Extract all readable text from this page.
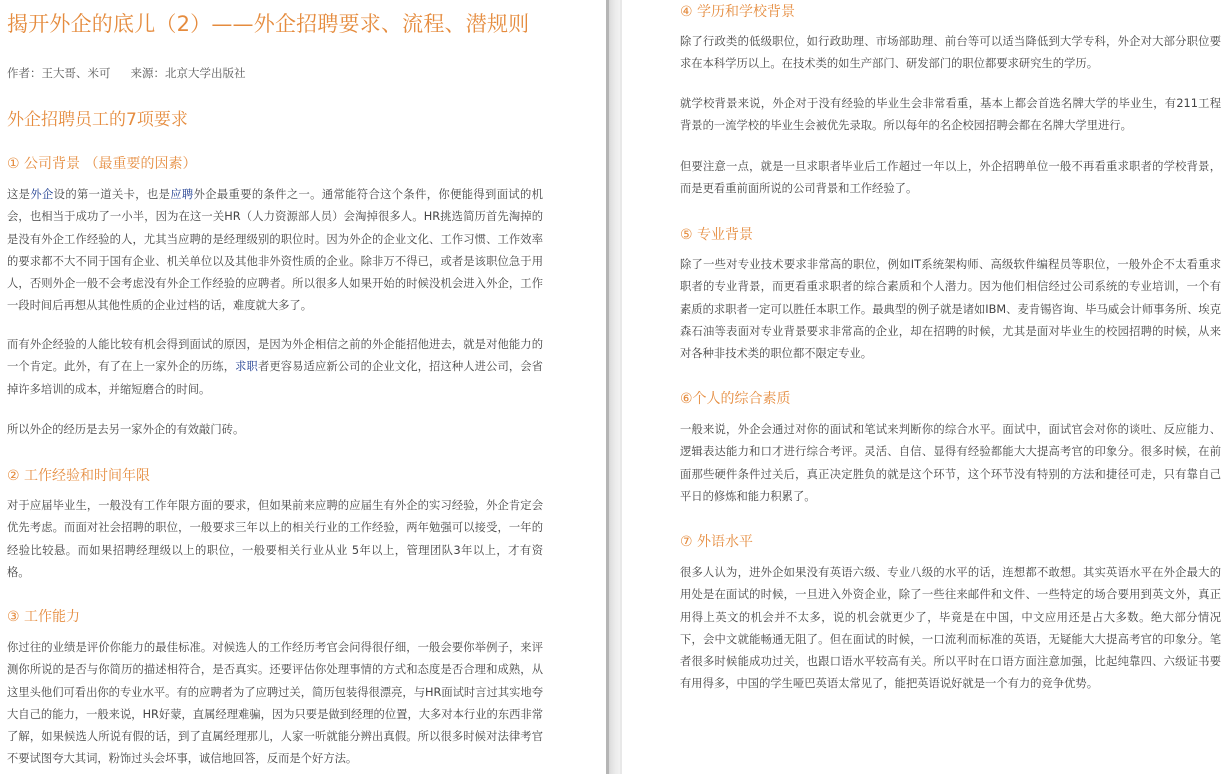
揭开外企的底儿（2）——外企招聘要求、流程、潜规则
作者：王大哥、米可 来源：北京大学出版社
外企招聘员工的7项要求
① 公司背景 （最重要的因素）
这是外企设的第一道关卡，也是应聘外企最重要的条件之一。通常能符合这个条件，你便能得到面试的机会，也相当于成功了一小半，因为在这一关HR（人力资源部人员）会淘掉很多人。HR挑选简历首先淘掉的是没有外企工作经验的人，尤其当应聘的是经理级别的职位时。因为外企的企业文化、工作习惯、工作效率的要求都不大不同于国有企业、机关单位以及其他非外资性质的企业。除非万不得已，或者是该职位急于用人，否则外企一般不会考虑没有外企工作经验的应聘者。所以很多人如果开始的时候没机会进入外企，工作一段时间后再想从其他性质的企业过档的话，难度就大多了。
而有外企经验的人能比较有机会得到面试的原因，是因为外企相信之前的外企能招他进去，就是对他能力的一个肯定。此外，有了在上一家外企的历练，求职者更容易适应新公司的企业文化，招这种人进公司，会省掉许多培训的成本，并缩短磨合的时间。
所以外企的经历是去另一家外企的有效敲门砖。
② 工作经验和时间年限
对于应届毕业生，一般没有工作年限方面的要求，但如果前来应聘的应届生有外企的实习经验，外企肯定会优先考虑。而面对社会招聘的职位，一般要求三年以上的相关行业的工作经验，两年勉强可以接受，一年的经验比较悬。而如果招聘经理级以上的职位，一般要相关行业从业 5年以上，管理团队3年以上，才有资格。
③ 工作能力
你过往的业绩是评价你能力的最佳标准。对候选人的工作经历考官会问得很仔细，一般会要你举例子，来评测你所说的是否与你简历的描述相符合，是否真实。还要评估你处理事情的方式和态度是否合理和成熟，从这里头他们可看出你的专业水平。有的应聘者为了应聘过关，简历包装得很漂亮，与HR面试时言过其实地夸大自己的能力，一般来说，HR好蒙，直属经理难骗，因为只要是做到经理的位置，大多对本行业的东西非常了解，如果候选人所说有假的话，到了直属经理那儿，人家一听就能分辨出真假。所以很多时候对法律考官不要试图夸大其词，粉饰过头会坏事，诚信地回答，反而是个好方法。
④ 学历和学校背景
除了行政类的低级职位，如行政助理、市场部助理、前台等可以适当降低到大学专科，外企对大部分职位要求在本科学历以上。在技术类的如生产部门、研发部门的职位都要求研究生的学历。
就学校背景来说，外企对于没有经验的毕业生会非常看重，基本上都会首选名牌大学的毕业生，有211工程背景的一流学校的毕业生会被优先录取。所以每年的名企校园招聘会都在名牌大学里进行。
但要注意一点，就是一旦求职者毕业后工作超过一年以上，外企招聘单位一般不再看重求职者的学校背景，而是更看重前面所说的公司背景和工作经验了。
⑤ 专业背景
除了一些对专业技术要求非常高的职位，例如IT系统架构师、高级软件编程员等职位，一般外企不太看重求职者的专业背景，而更看重求职者的综合素质和个人潜力。因为他们相信经过公司系统的专业培训，一个有素质的求职者一定可以胜任本职工作。最典型的例子就是诸如IBM、麦肯锡咨询、毕马威会计师事务所、埃克森石油等表面对专业背景要求非常高的企业，却在招聘的时候，尤其是面对毕业生的校园招聘的时候，从来对各种非技术类的职位都不限定专业。
⑥个人的综合素质
一般来说，外企会通过对你的面试和笔试来判断你的综合水平。面试中，面试官会对你的谈吐、反应能力、逻辑表达能力和口才进行综合考评。灵活、自信、显得有经验都能大大提高考官的印象分。很多时候，在前面那些硬件条件过关后，真正决定胜负的就是这个环节，这个环节没有特别的方法和捷径可走，只有靠自己平日的修炼和能力积累了。
⑦ 外语水平
很多人认为，进外企如果没有英语六级、专业八级的水平的话，连想都不敢想。其实英语水平在外企最大的用处是在面试的时候，一旦进入外资企业，除了一些往来邮件和文件、一些特定的场合要用到英文外，真正用得上英文的机会并不太多，说的机会就更少了，毕竟是在中国，中文应用还是占大多数。绝大部分情况下，会中文就能畅通无阻了。但在面试的时候，一口流利而标准的英语，无疑能大大提高考官的印象分。笔者很多时候能成功过关，也跟口语水平较高有关。所以平时在口语方面注意加强，比起纯靠四、六级证书要有用得多，中国的学生哑巴英语太常见了，能把英语说好就是一个有力的竞争优势。
